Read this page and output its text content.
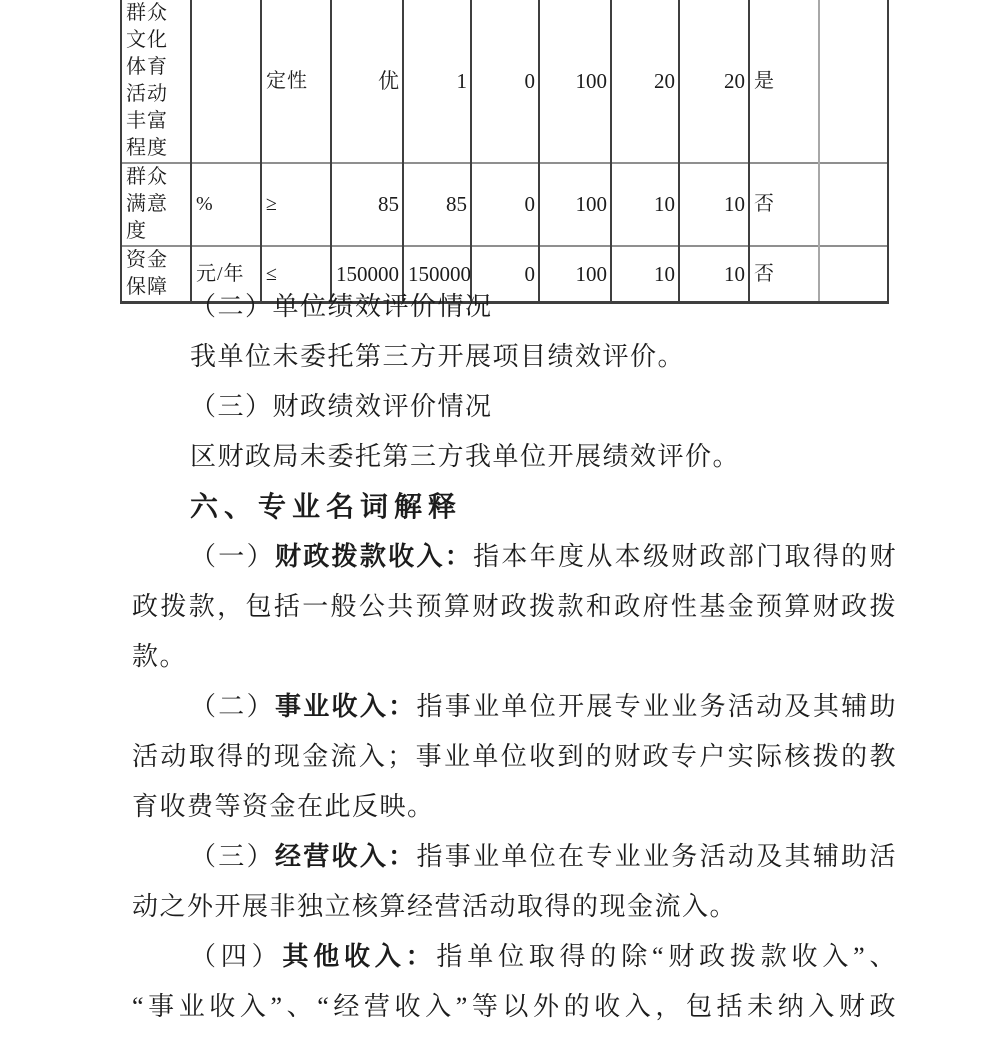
群众文化体育活动丰富程度		定性	优	1	0	100	20	20	是	
群众满意度	%	≥	85	85	0	100	10	10	否	
资金保障	元/年	≤	150000	150000	0	100	10	10	否	
（二）单位绩效评价情况
我单位未委托第三方开展项目绩效评价。
（三）财政绩效评价情况
区财政局未委托第三方我单位开展绩效评价。
六、专业名词解释
（一）财政拨款收入：指本年度从本级财政部门取得的财
政拨款，包括一般公共预算财政拨款和政府性基金预算财政拨
款。
（二）事业收入：指事业单位开展专业业务活动及其辅助
活动取得的现金流入；事业单位收到的财政专户实际核拨的教
育收费等资金在此反映。
（三）经营收入：指事业单位在专业业务活动及其辅助活
动之外开展非独立核算经营活动取得的现金流入。
（四）其他收入：指单位取得的除“财政拨款收入”、
“事业收入”、“经营收入”等以外的收入，包括未纳入财政
